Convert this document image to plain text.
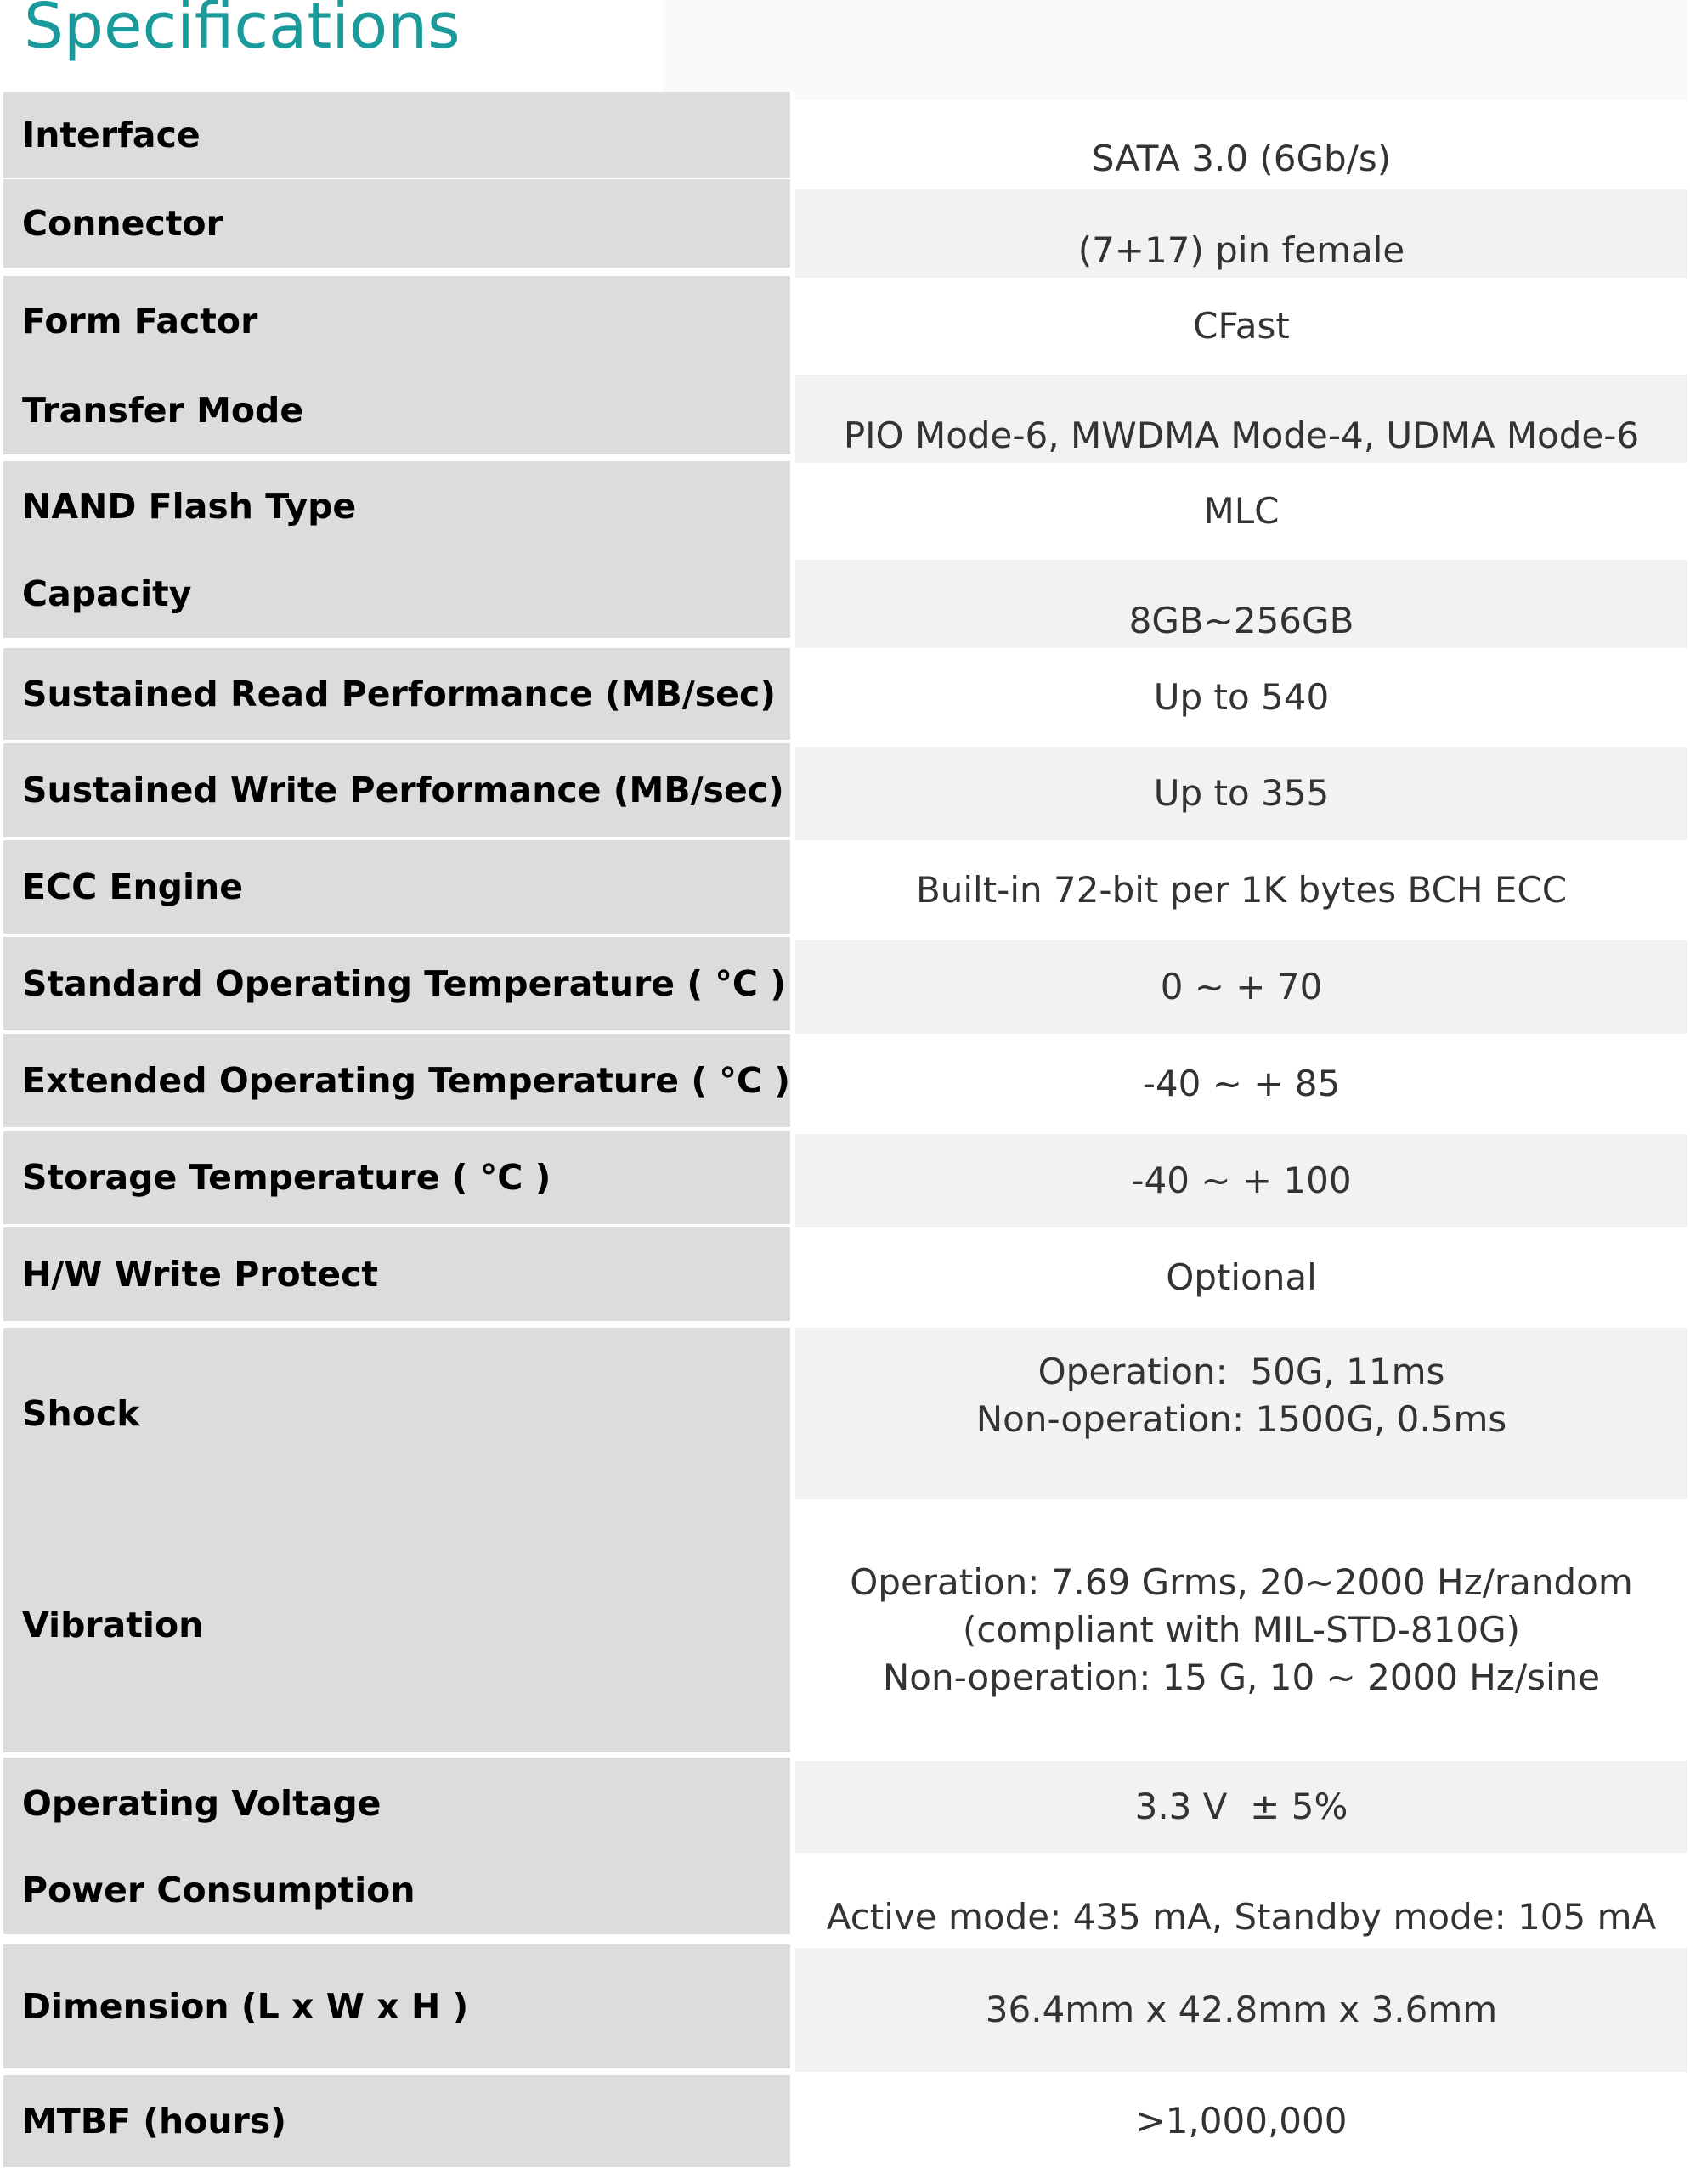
Specifications
Interface	SATA 3.0 (6Gb/s)

Connector	(7+17) pin female

Form Factor	CFast

Transfer Mode	PIO Mode-6, MWDMA Mode-4, UDMA Mode-6

NAND Flash Type	MLC

Capacity	8GB~256GB

Sustained Read Performance (MB/sec)	Up to 540

Sustained Write Performance (MB/sec)	Up to 355

ECC Engine	Built-in 72-bit per 1K bytes BCH ECC

Standard Operating Temperature ( °C )	0 ~ + 70

Extended Operating Temperature ( °C )	-40 ~ + 85

Storage Temperature ( °C )	-40 ~ + 100

H/W Write Protect	Optional

Shock	Operation:  50G, 11ms
Non-operation: 1500G, 0.5ms

Vibration	Operation: 7.69 Grms, 20~2000 Hz/random
(compliant with MIL-STD-810G)
Non-operation: 15 G, 10 ~ 2000 Hz/sine

Operating Voltage	3.3 V  ± 5%

Power Consumption	Active mode: 435 mA, Standby mode: 105 mA

Dimension (L x W x H )	36.4mm x 42.8mm x 3.6mm

MTBF (hours)	>1,000,000
